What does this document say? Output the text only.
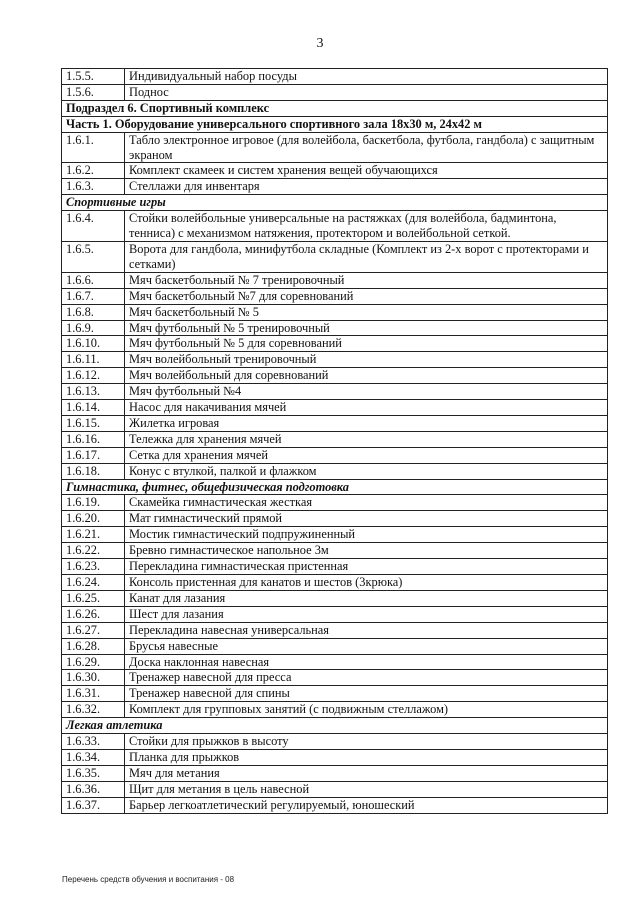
3
1.5.5.	Индивидуальный набор посуды
1.5.6.	Поднос
Подраздел 6. Спортивный комплекс	
Часть 1. Оборудование универсального спортивного зала 18х30 м, 24х42 м	
1.6.1.	Табло электронное игровое (для волейбола, баскетбола, футбола, гандбола) с защитным экраном
1.6.2.	Комплект скамеек и систем хранения вещей обучающихся
1.6.3.	Стеллажи для инвентаря
Спортивные игры	
1.6.4.	Стойки волейбольные универсальные на растяжках (для волейбола, бадминтона, тенниса) с механизмом натяжения, протектором и волейбольной сеткой.
1.6.5.	Ворота для гандбола, минифутбола складные (Комплект из 2-х ворот с протекторами и сетками)
1.6.6.	Мяч баскетбольный № 7 тренировочный
1.6.7.	Мяч баскетбольный №7 для соревнований
1.6.8.	Мяч баскетбольный № 5
1.6.9.	Мяч футбольный № 5 тренировочный
1.6.10.	Мяч футбольный № 5 для соревнований
1.6.11.	Мяч волейбольный тренировочный
1.6.12.	Мяч волейбольный для соревнований
1.6.13.	Мяч футбольный №4
1.6.14.	Насос для накачивания мячей
1.6.15.	Жилетка игровая
1.6.16.	Тележка для хранения мячей
1.6.17.	Сетка для хранения мячей
1.6.18.	Конус с втулкой, палкой и флажком
Гимнастика, фитнес, общефизическая подготовка	
1.6.19.	Скамейка гимнастическая жесткая
1.6.20.	Мат гимнастический прямой
1.6.21.	Мостик гимнастический подпружиненный
1.6.22.	Бревно гимнастическое напольное 3м
1.6.23.	Перекладина гимнастическая пристенная
1.6.24.	Консоль пристенная для канатов и шестов (3крюка)
1.6.25.	Канат для лазания
1.6.26.	Шест для лазания
1.6.27.	Перекладина навесная универсальная
1.6.28.	Брусья навесные
1.6.29.	Доска наклонная навесная
1.6.30.	Тренажер навесной для пресса
1.6.31.	Тренажер навесной для спины
1.6.32.	Комплект для групповых занятий (с подвижным стеллажом)
Легкая атлетика	
1.6.33.	Стойки для прыжков в высоту
1.6.34.	Планка для прыжков
1.6.35.	Мяч для метания
1.6.36.	Щит для метания в цель навесной
1.6.37.	Барьер легкоатлетический регулируемый, юношеский
Перечень средств обучения и воспитания - 08
